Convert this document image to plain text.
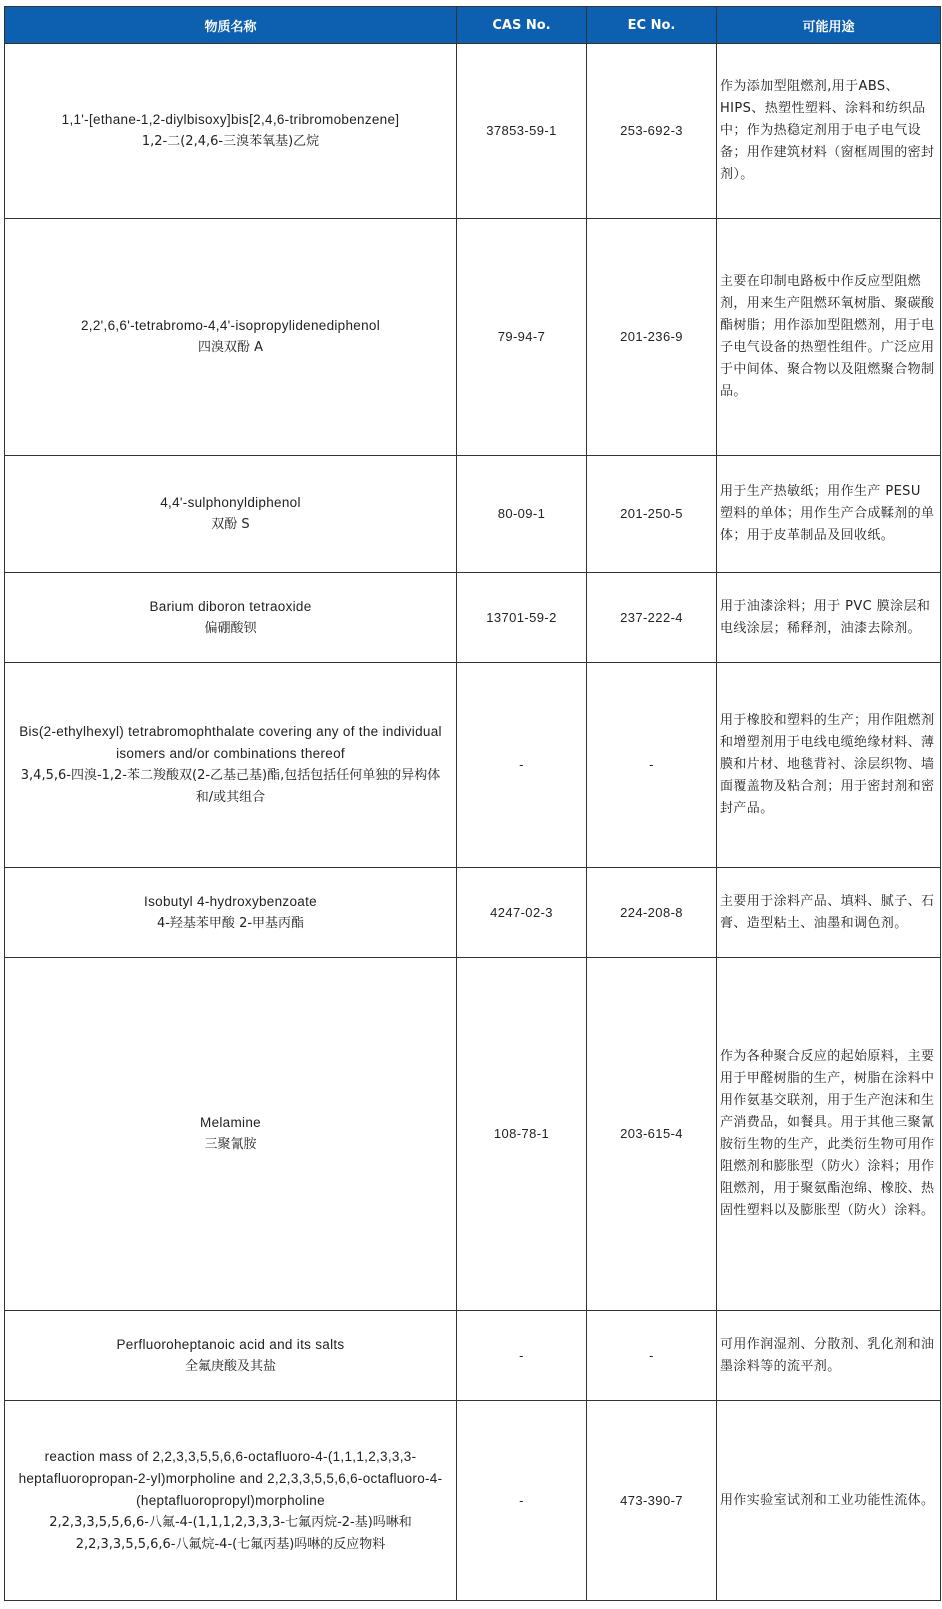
物质名称	CAS No.	EC No.	可能用途

1,1'-[ethane-1,2-diylbisoxy]bis[2,4,6-tribromobenzene]
1,2-二(2,4,6-三溴苯氧基)乙烷	37853-59-1	253-692-3	作为添加型阻燃剂,用于ABS、HIPS、热塑性塑料、涂料和纺织品中；作为热稳定剂用于电子电气设备；用作建筑材料（窗框周围的密封剂）。

2,2',6,6'-tetrabromo-4,4'-isopropylidenediphenol
四溴双酚 A	79-94-7	201-236-9	主要在印制电路板中作反应型阻燃剂，用来生产阻燃环氧树脂、聚碳酸酯树脂；用作添加型阻燃剂，用于电子电气设备的热塑性组件。广泛应用于中间体、聚合物以及阻燃聚合物制品。

4,4'-sulphonyldiphenol
双酚 S	80-09-1	201-250-5	用于生产热敏纸；用作生产 PESU 塑料的单体；用作生产合成鞣剂的单体；用于皮革制品及回收纸。

Barium diboron tetraoxide
偏硼酸钡	13701-59-2	237-222-4	用于油漆涂料；用于 PVC 膜涂层和电线涂层；稀释剂，油漆去除剂。

Bis(2-ethylhexyl) tetrabromophthalate covering any of the individual isomers and/or combinations thereof
3,4,5,6-四溴-1,2-苯二羧酸双(2-乙基己基)酯,包括包括任何单独的异构体和/或其组合	-	-	用于橡胶和塑料的生产；用作阻燃剂和增塑剂用于电线电缆绝缘材料、薄膜和片材、地毯背衬、涂层织物、墙面覆盖物及粘合剂；用于密封剂和密封产品。

Isobutyl 4-hydroxybenzoate
4-羟基苯甲酸 2-甲基丙酯	4247-02-3	224-208-8	主要用于涂料产品、填料、腻子、石膏、造型粘土、油墨和调色剂。

Melamine
三聚氰胺	108-78-1	203-615-4	作为各种聚合反应的起始原料，主要用于甲醛树脂的生产，树脂在涂料中用作氨基交联剂，用于生产泡沫和生产消费品，如餐具。用于其他三聚氰胺衍生物的生产，此类衍生物可用作阻燃剂和膨胀型（防火）涂料；用作阻燃剂，用于聚氨酯泡绵、橡胶、热固性塑料以及膨胀型（防火）涂料。

Perfluoroheptanoic acid and its salts
全氟庚酸及其盐	-	-	可用作润湿剂、分散剂、乳化剂和油墨涂料等的流平剂。

reaction mass of 2,2,3,3,5,5,6,6-octafluoro-4-(1,1,1,2,3,3,3-heptafluoropropan-2-yl)morpholine and 2,2,3,3,5,5,6,6-octafluoro-4-(heptafluoropropyl)morpholine
2,2,3,3,5,5,6,6-八氟-4-(1,1,1,2,3,3,3-七氟丙烷-2-基)吗啉和2,2,3,3,5,5,6,6-八氟烷-4-(七氟丙基)吗啉的反应物料	-	473-390-7	用作实验室试剂和工业功能性流体。
